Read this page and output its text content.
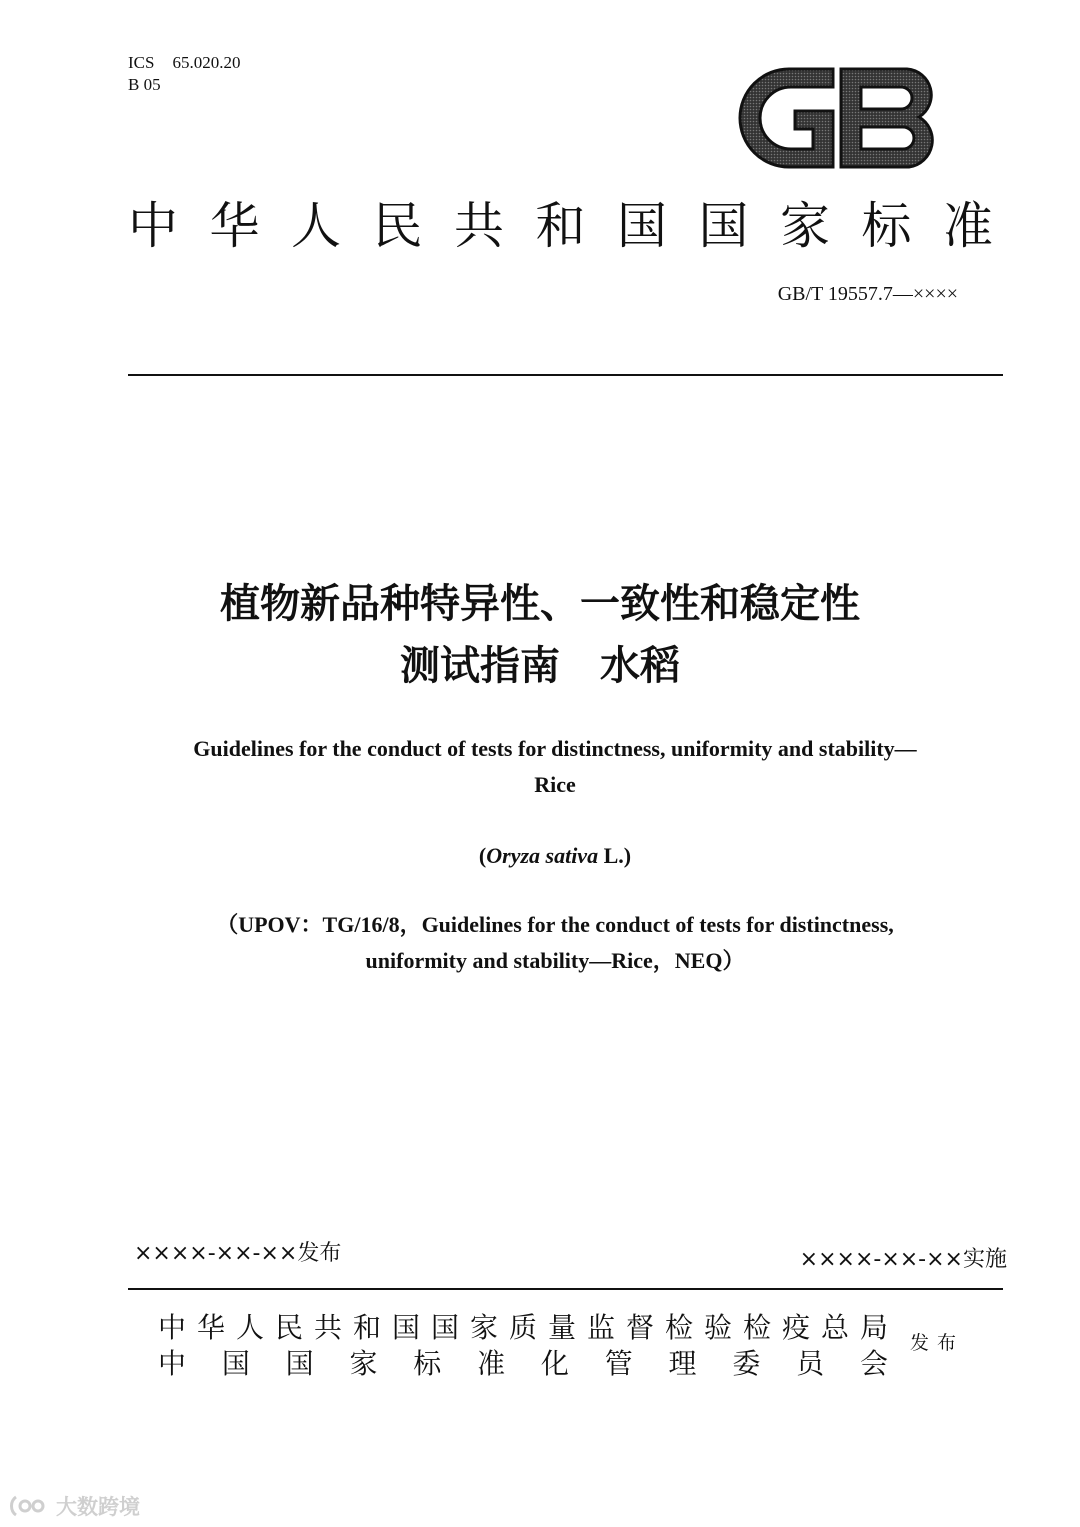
ICS 65.020.20
B 05
GB
中华人民共和国国家标准
GB/T 19557.7—××××
植物新品种特异性、一致性和稳定性
测试指南　水稻
Guidelines for the conduct of tests for distinctness, uniformity and stability—
Rice
(Oryza sativa L.)
（UPOV：TG/16/8，Guidelines for the conduct of tests for distinctness,
uniformity and stability—Rice，NEQ）
××××-××-××发布	××××-××-××实施
中华人民共和国国家质量监督检验检疫总局
中国国家标准化管理委员会
发布
大数跨境
